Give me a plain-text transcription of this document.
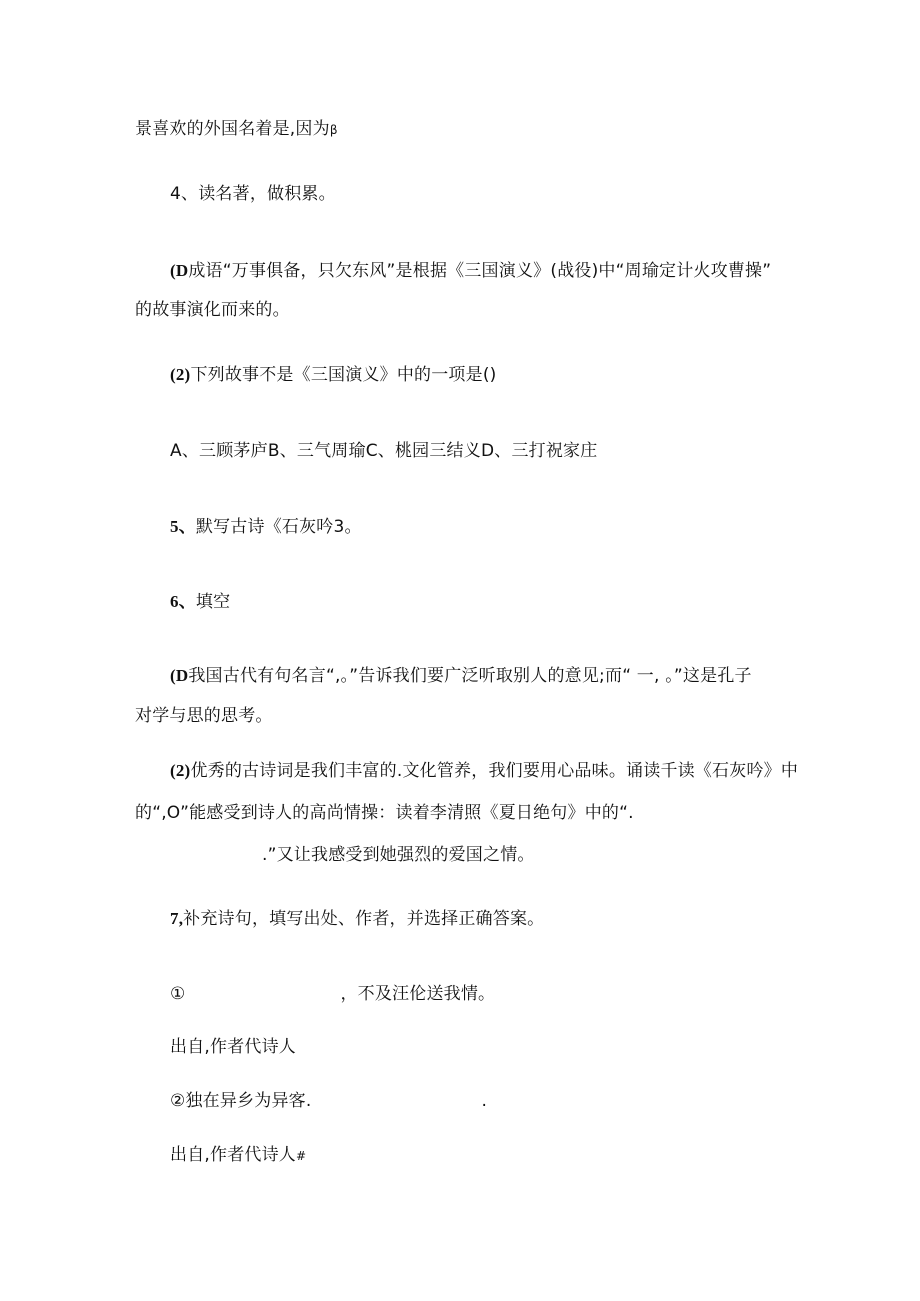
景喜欢的外国名着是,因为β
4、读名著，做积累。
(D成语“万事俱备，只欠东风”是根据《三国演义》(战役)中“周瑜定计火攻曹操”
的故事演化而来的。
(2)下列故事不是《三国演义》中的一项是()
A、三顾茅庐B、三气周瑜C、桃园三结义D、三打祝家庄
5、默写古诗《石灰吟3。
6、填空
(D我国古代有句名言“,。”告诉我们要广泛听取别人的意见;而“ 一, 。”这是孔子
对学与思的思考。
(2)优秀的古诗词是我们丰富的.文化管养，我们要用心品味。诵读千读《石灰吟》中
的“,O”能感受到诗人的高尚情操：读着李清照《夏日绝句》中的“.
.”又让我感受到她强烈的爱国之情。
7,补充诗句，填写出处、作者，并选择正确答案。
①	，不及汪伦送我情。
出自,作者代诗人
②独在异乡为异客.	.
出自,作者代诗人#
